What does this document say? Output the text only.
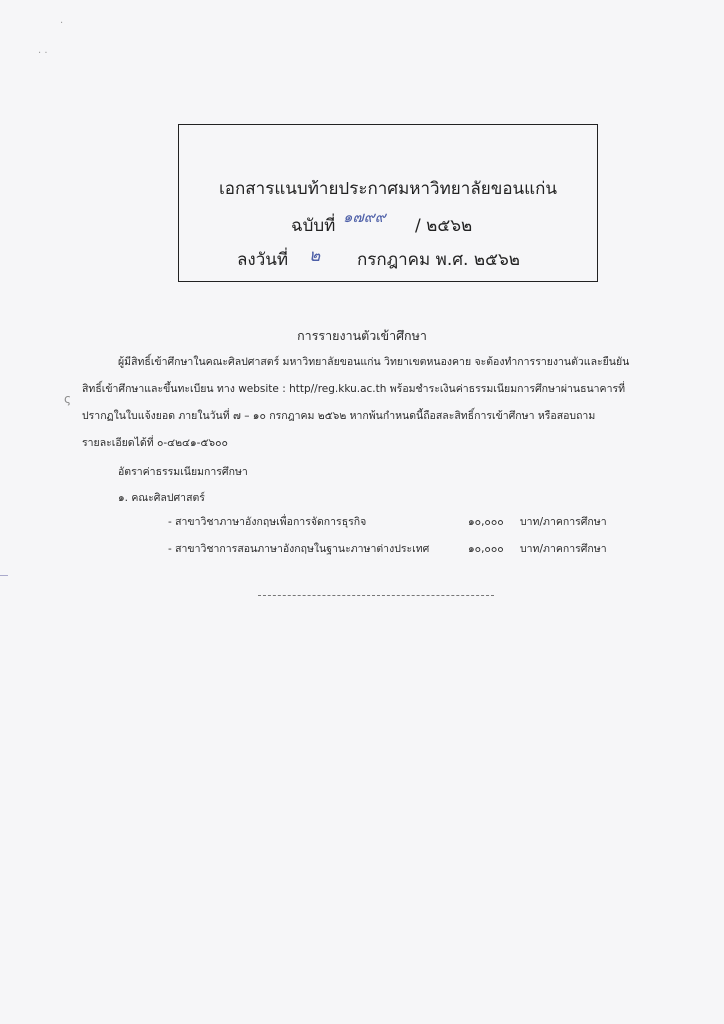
·
· ·
ς
เอกสารแนบท้ายประกาศมหาวิทยาลัยขอนแก่น
ฉบับที่ ๑๗๙๙ / ๒๕๖๒
ลงวันที่ ๒ กรกฎาคม พ.ศ. ๒๕๖๒
การรายงานตัวเข้าศึกษา
ผู้มีสิทธิ์เข้าศึกษาในคณะศิลปศาสตร์ มหาวิทยาลัยขอนแก่น วิทยาเขตหนองคาย จะต้องทำการรายงานตัวและยืนยัน
สิทธิ์เข้าศึกษาและขึ้นทะเบียน ทาง website : http//reg.kku.ac.th พร้อมชำระเงินค่าธรรมเนียมการศึกษาผ่านธนาคารที่
ปรากฏในใบแจ้งยอด ภายในวันที่ ๗ – ๑๐ กรกฎาคม ๒๕๖๒ หากพ้นกำหนดนี้ถือสละสิทธิ์การเข้าศึกษา หรือสอบถาม
รายละเอียดได้ที่ ๐-๔๒๔๑-๕๖๐๐
อัตราค่าธรรมเนียมการศึกษา
๑. คณะศิลปศาสตร์
- สาขาวิชาภาษาอังกฤษเพื่อการจัดการธุรกิจ	๑๐,๐๐๐ บาท/ภาคการศึกษา
- สาขาวิชาการสอนภาษาอังกฤษในฐานะภาษาต่างประเทศ	๑๐,๐๐๐ บาท/ภาคการศึกษา
